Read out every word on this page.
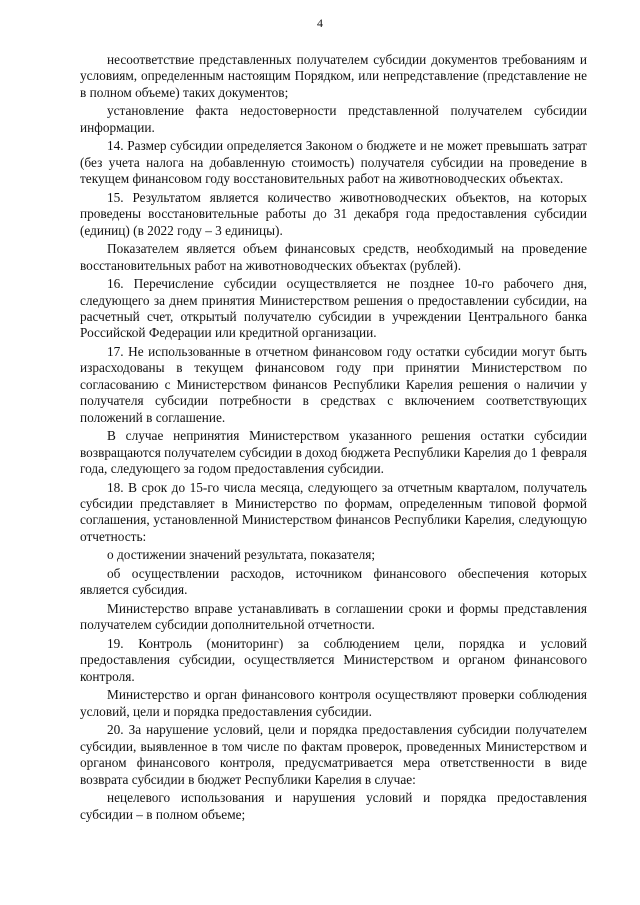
4

несоответствие представленных получателем субсидии документов требованиям и условиям, определенным настоящим Порядком, или непредставление (представление не в полном объеме) таких документов;

установление факта недостоверности представленной получателем субсидии информации.

14. Размер субсидии определяется Законом о бюджете и не может превышать затрат (без учета налога на добавленную стоимость) получателя субсидии на проведение в текущем финансовом году восстановительных работ на животноводческих объектах.

15. Результатом является количество животноводческих объектов, на которых проведены восстановительные работы до 31 декабря года предоставления субсидии (единиц) (в 2022 году – 3 единицы).

Показателем является объем финансовых средств, необходимый на проведение восстановительных работ на животноводческих объектах (рублей).

16. Перечисление субсидии осуществляется не позднее 10-го рабочего дня, следующего за днем принятия Министерством решения о предоставлении субсидии, на расчетный счет, открытый получателю субсидии в учреждении Центрального банка Российской Федерации или кредитной организации.

17. Не использованные в отчетном финансовом году остатки субсидии могут быть израсходованы в текущем финансовом году при принятии Министерством по согласованию с Министерством финансов Республики Карелия решения о наличии у получателя субсидии потребности в средствах с включением соответствующих положений в соглашение.

В случае непринятия Министерством указанного решения остатки субсидии возвращаются получателем субсидии в доход бюджета Республики Карелия до 1 февраля года, следующего за годом предоставления субсидии.

18. В срок до 15-го числа месяца, следующего за отчетным кварталом, получатель субсидии представляет в Министерство по формам, определенным типовой формой соглашения, установленной Министерством финансов Республики Карелия, следующую отчетность:

о достижении значений результата, показателя;

об осуществлении расходов, источником финансового обеспечения которых является субсидия.

Министерство вправе устанавливать в соглашении сроки и формы представления получателем субсидии дополнительной отчетности.

19. Контроль (мониторинг) за соблюдением цели, порядка и условий предоставления субсидии, осуществляется Министерством и органом финансового контроля.

Министерство и орган финансового контроля осуществляют проверки соблюдения условий, цели и порядка предоставления субсидии.

20. За нарушение условий, цели и порядка предоставления субсидии получателем субсидии, выявленное в том числе по фактам проверок, проведенных Министерством и органом финансового контроля, предусматривается мера ответственности в виде возврата субсидии в бюджет Республики Карелия в случае:

нецелевого использования и нарушения условий и порядка предоставления субсидии – в полном объеме;
